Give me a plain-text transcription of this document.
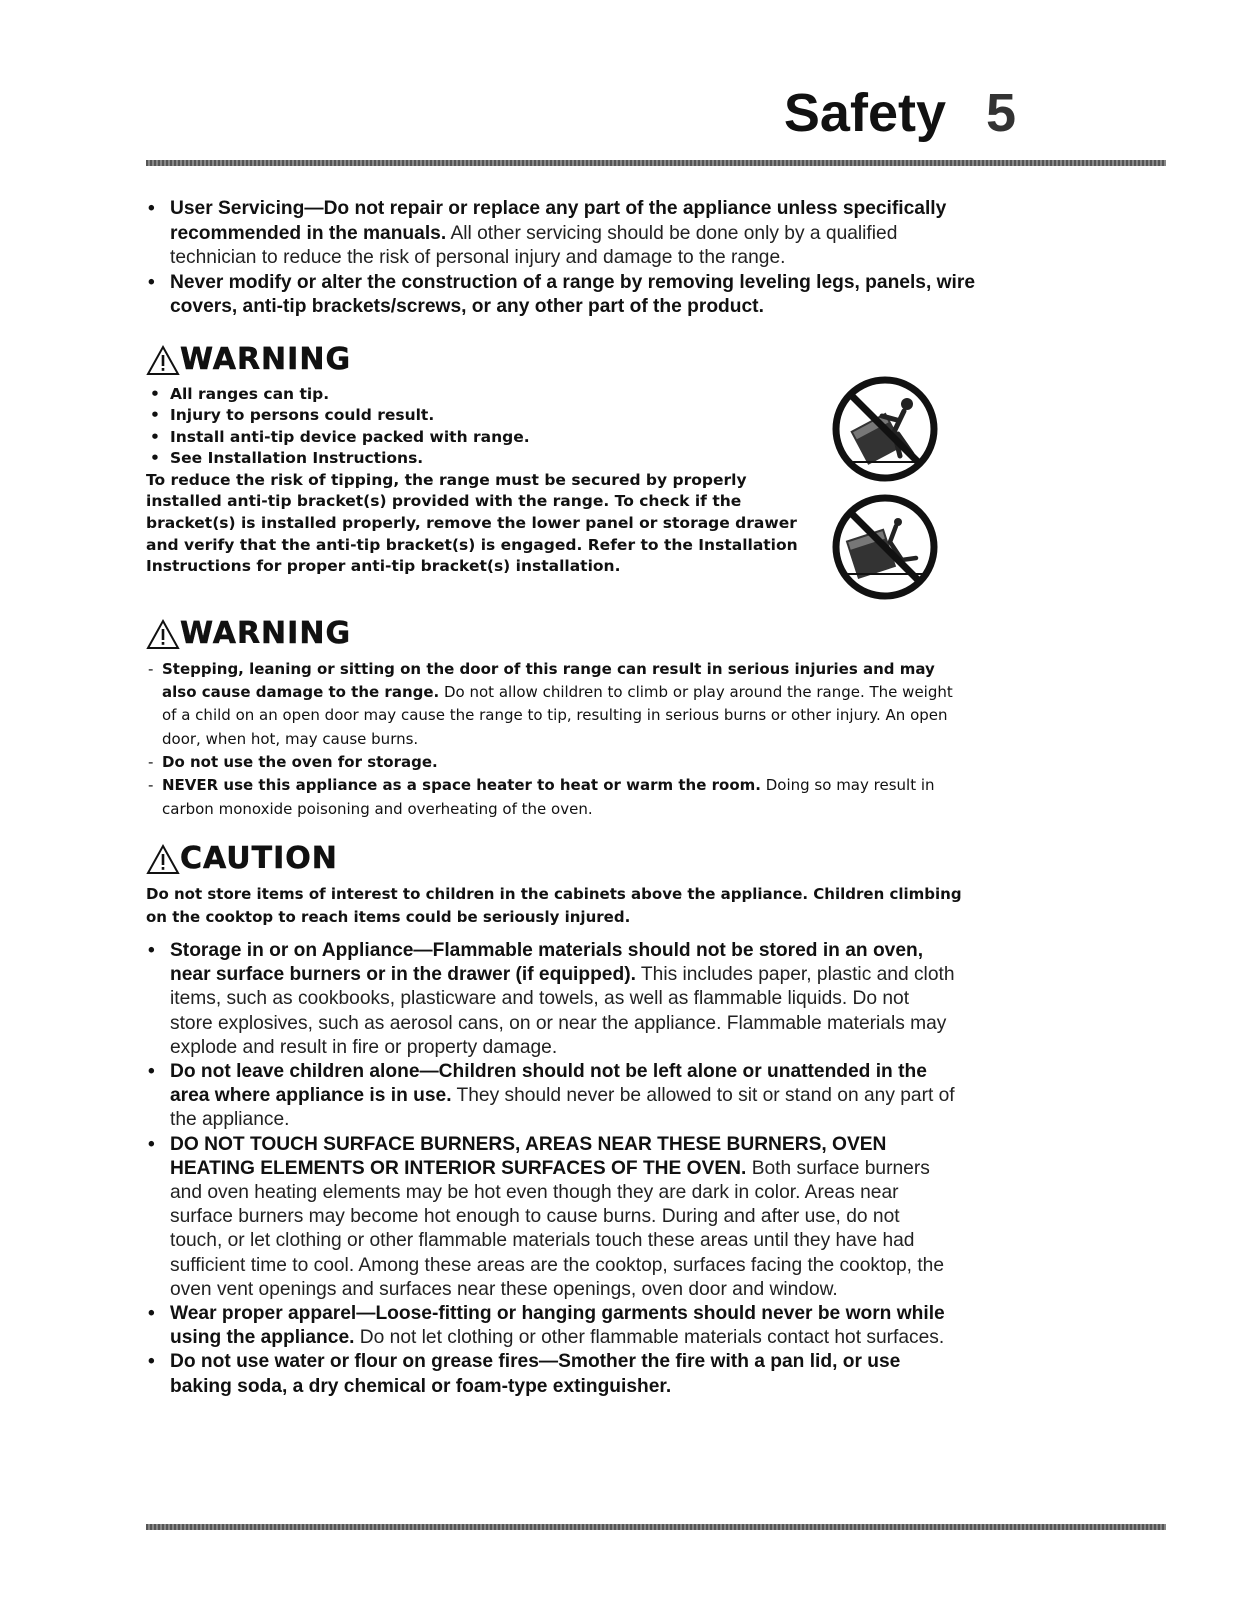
Safety 5
• User Servicing—Do not repair or replace any part of the appliance unless specifically recommended in the manuals. All other servicing should be done only by a qualified technician to reduce the risk of personal injury and damage to the range.
• Never modify or alter the construction of a range by removing leveling legs, panels, wire covers, anti-tip brackets/screws, or any other part of the product.
WARNING
• All ranges can tip.
• Injury to persons could result.
• Install anti-tip device packed with range.
• See Installation Instructions.
To reduce the risk of tipping, the range must be secured by properly installed anti-tip bracket(s) provided with the range. To check if the bracket(s) is installed properly, remove the lower panel or storage drawer and verify that the anti-tip bracket(s) is engaged. Refer to the Installation Instructions for proper anti-tip bracket(s) installation.
WARNING
- Stepping, leaning or sitting on the door of this range can result in serious injuries and may also cause damage to the range. Do not allow children to climb or play around the range. The weight of a child on an open door may cause the range to tip, resulting in serious burns or other injury. An open door, when hot, may cause burns.
- Do not use the oven for storage.
- NEVER use this appliance as a space heater to heat or warm the room. Doing so may result in carbon monoxide poisoning and overheating of the oven.
CAUTION
Do not store items of interest to children in the cabinets above the appliance. Children climbing on the cooktop to reach items could be seriously injured.
• Storage in or on Appliance—Flammable materials should not be stored in an oven, near surface burners or in the drawer (if equipped). This includes paper, plastic and cloth items, such as cookbooks, plasticware and towels, as well as flammable liquids. Do not store explosives, such as aerosol cans, on or near the appliance. Flammable materials may explode and result in fire or property damage.
• Do not leave children alone—Children should not be left alone or unattended in the area where appliance is in use. They should never be allowed to sit or stand on any part of the appliance.
• DO NOT TOUCH SURFACE BURNERS, AREAS NEAR THESE BURNERS, OVEN HEATING ELEMENTS OR INTERIOR SURFACES OF THE OVEN. Both surface burners and oven heating elements may be hot even though they are dark in color. Areas near surface burners may become hot enough to cause burns. During and after use, do not touch, or let clothing or other flammable materials touch these areas until they have had sufficient time to cool. Among these areas are the cooktop, surfaces facing the cooktop, the oven vent openings and surfaces near these openings, oven door and window.
• Wear proper apparel—Loose-fitting or hanging garments should never be worn while using the appliance. Do not let clothing or other flammable materials contact hot surfaces.
• Do not use water or flour on grease fires—Smother the fire with a pan lid, or use baking soda, a dry chemical or foam-type extinguisher.
